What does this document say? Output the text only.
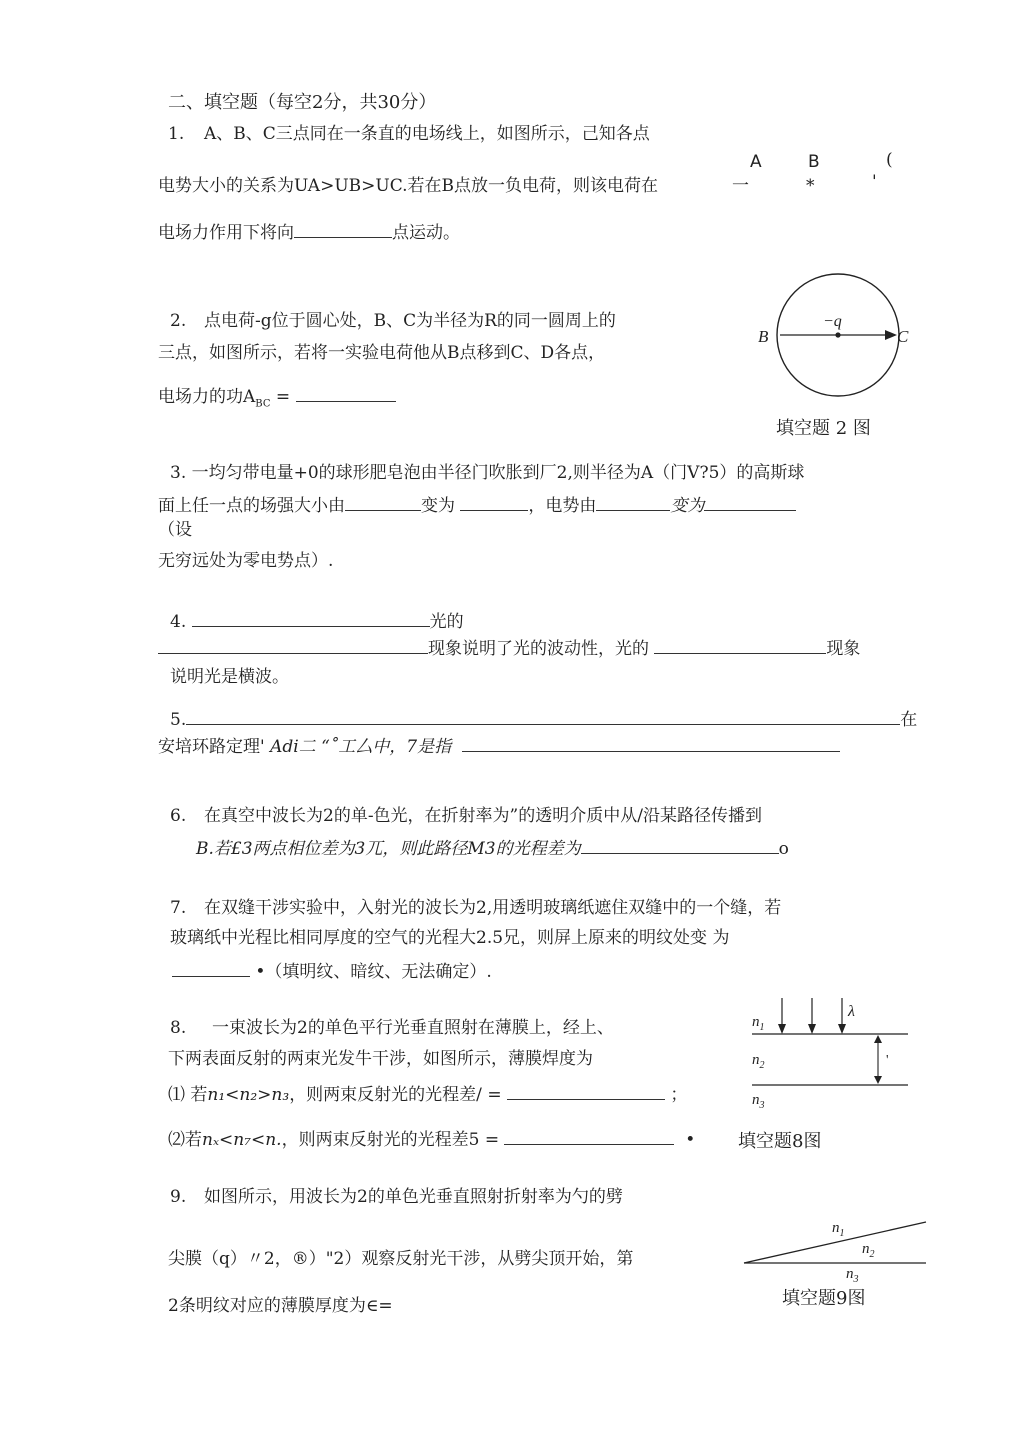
二、填空题（每空2分，共30分）
1. A、B、C三点同在一条直的电场线上，如图所示，己知各点
A	B	(
电势大小的关系为UA>UB>UC.若在B点放一负电荷，则该电荷在	一	*	'
电场力作用下将向	点运动。
2. 点电荷-g位于圆心处，B、C为半径为R的同一圆周上的
三点，如图所示，若将一实验电荷他从B点移到C、D各点，
电场力的功$A_{BC}$ =
B	C
−q
填空题 2 图
3. 一均匀带电量+0的球形肥皂泡由半径门吹胀到厂2,则半径为A（门V?5）的高斯球
面上任一点的场强大小由	变为	，电势由	变为
（设
无穷远处为零电势点）.
4.	光的
现象说明了光的波动性，光的	现象
说明光是横波。
5.	在
安培环路定理' Adi二 “˚工厶中，7是指
6. 在真空中波长为2的单-色光，在折射率为”的透明介质中从/沿某路径传播到
B.若£3两点相位差为3兀，则此路径M3的光程差为	o
7. 在双缝干涉实验中，入射光的波长为2,用透明玻璃纸遮住双缝中的一个缝，若
玻璃纸中光程比相同厚度的空气的光程大2.5兄，则屏上原来的明纹处变 为
•（填明纹、暗纹、无法确定）.
8. 一束波长为2的单色平行光垂直照射在薄膜上，经上、
下两表面反射的两束光发牛干涉，如图所示，薄膜焊度为
⑴ 若n₁<n₂>n₃，则两束反射光的光程差/ =	；
⑵若nₓ<n₇<n.，则两束反射光的光程差5 =	• 填空题8图
$n_1$
$n_2$
$n_3$
λ
'
9. 如图所示，用波长为2的单色光垂直照射折射率为勺的劈
尖膜（q）〃2，®）"2）观察反射光干涉，从劈尖顶开始，第
2条明纹对应的薄膜厚度为∈=
$n_1$
$n_2$
$n_3$
填空题9图
